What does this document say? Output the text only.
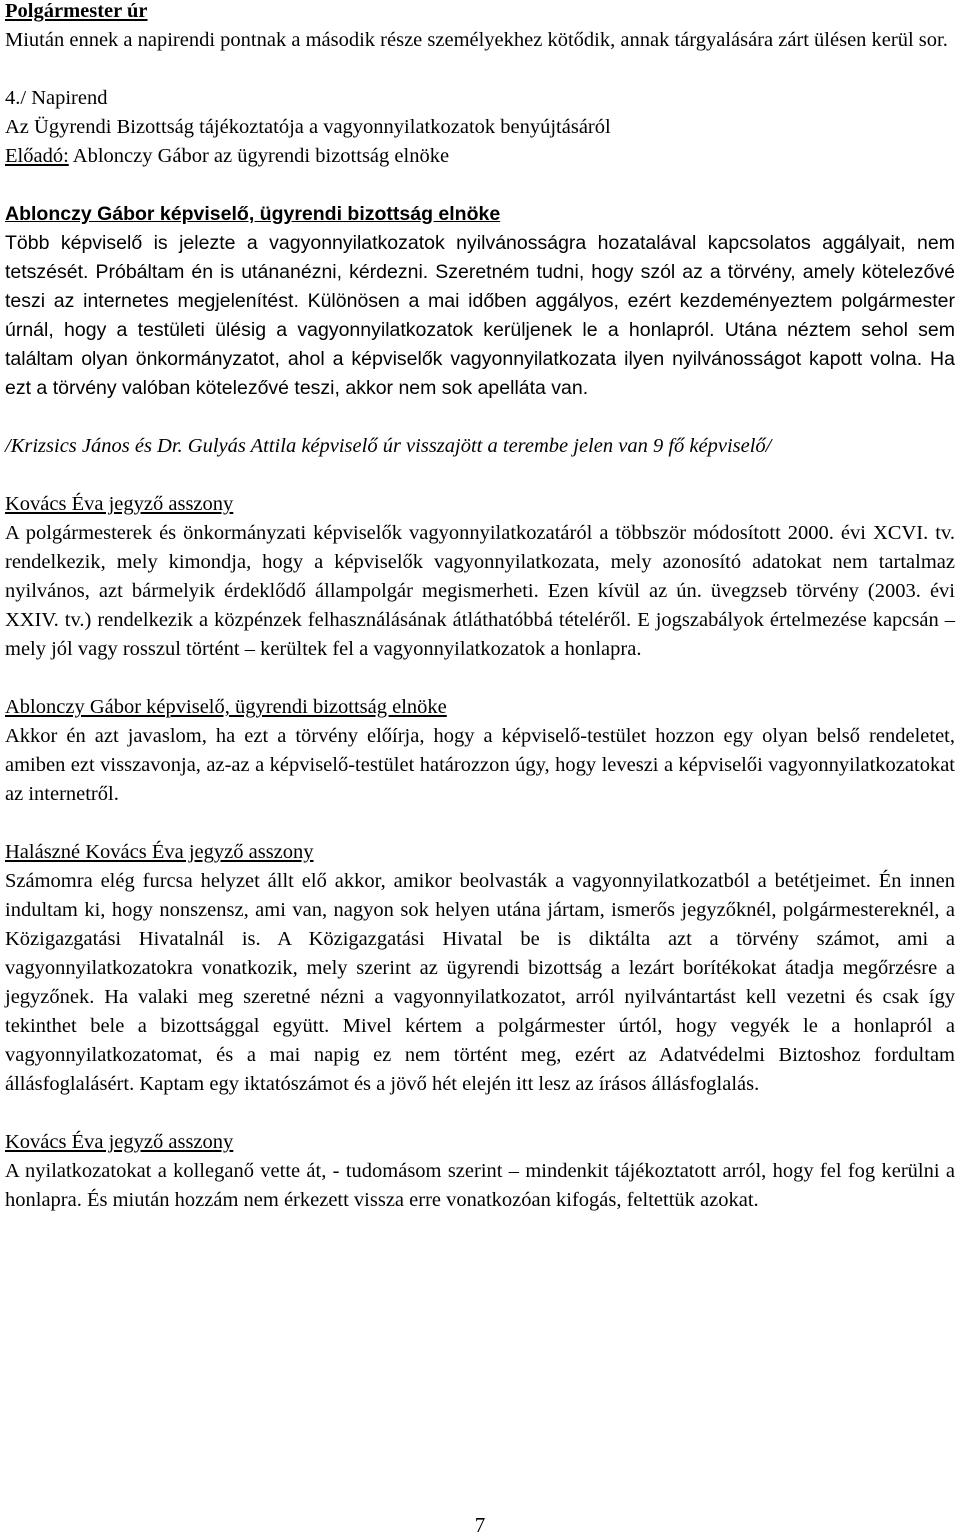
Polgármester úr
Miután ennek a napirendi pontnak a második része személyekhez kötődik, annak tárgyalására zárt ülésen kerül sor.
4./ Napirend
Az Ügyrendi Bizottság tájékoztatója a vagyonnyilatkozatok benyújtásáról
Előadó: Ablonczy Gábor az ügyrendi bizottság elnöke
Ablonczy Gábor képviselő, ügyrendi bizottság elnöke
Több képviselő is jelezte a vagyonnyilatkozatok nyilvánosságra hozatalával kapcsolatos aggályait, nem tetszését. Próbáltam én is utánanézni, kérdezni. Szeretném tudni, hogy szól az a törvény, amely kötelezővé teszi az internetes megjelenítést. Különösen a mai időben aggályos, ezért kezdeményeztem polgármester úrnál, hogy a testületi ülésig a vagyonnyilatkozatok kerüljenek le a honlapról. Utána néztem sehol sem találtam olyan önkormányzatot, ahol a képviselők vagyonnyilatkozata ilyen nyilvánosságot kapott volna. Ha ezt a törvény valóban kötelezővé teszi, akkor nem sok apelláta van.
/Krizsics János és Dr. Gulyás Attila képviselő úr visszajött a terembe jelen van 9 fő képviselő/
Kovács Éva jegyző asszony
A polgármesterek és önkormányzati képviselők vagyonnyilatkozatáról a többször módosított 2000. évi XCVI. tv. rendelkezik, mely kimondja, hogy a képviselők vagyonnyilatkozata, mely azonosító adatokat nem tartalmaz nyilvános, azt bármelyik érdeklődő állampolgár megismerheti. Ezen kívül az ún. üvegzseb törvény (2003. évi XXIV. tv.) rendelkezik a közpénzek felhasználásának átláthatóbbá tételéről. E jogszabályok értelmezése kapcsán – mely jól vagy rosszul történt – kerültek fel a vagyonnyilatkozatok a honlapra.
Ablonczy Gábor képviselő, ügyrendi bizottság elnöke
Akkor én azt javaslom, ha ezt a törvény előírja, hogy a képviselő-testület hozzon egy olyan belső rendeletet, amiben ezt visszavonja, az-az a képviselő-testület határozzon úgy, hogy leveszi a képviselői vagyonnyilatkozatokat az internetről.
Halászné Kovács Éva jegyző asszony
Számomra elég furcsa helyzet állt elő akkor, amikor beolvasták a vagyonnyilatkozatból a betétjeimet. Én innen indultam ki, hogy nonszensz, ami van, nagyon sok helyen utána jártam, ismerős jegyzőknél, polgármestereknél, a Közigazgatási Hivatalnál is. A Közigazgatási Hivatal be is diktálta azt a törvény számot, ami a vagyonnyilatkozatokra vonatkozik, mely szerint az ügyrendi bizottság a lezárt borítékokat átadja megőrzésre a jegyzőnek. Ha valaki meg szeretné nézni a vagyonnyilatkozatot, arról nyilvántartást kell vezetni és csak így tekinthet bele a bizottsággal együtt. Mivel kértem a polgármester úrtól, hogy vegyék le a honlapról a vagyonnyilatkozatomat, és a mai napig ez nem történt meg, ezért az Adatvédelmi Biztoshoz fordultam állásfoglalásért. Kaptam egy iktatószámot és a jövő hét elején itt lesz az írásos állásfoglalás.
Kovács Éva jegyző asszony
A nyilatkozatokat a kolleganő vette át, - tudomásom szerint – mindenkit tájékoztatott arról, hogy fel fog kerülni a honlapra. És miután hozzám nem érkezett vissza erre vonatkozóan kifogás, feltettük azokat.
7
